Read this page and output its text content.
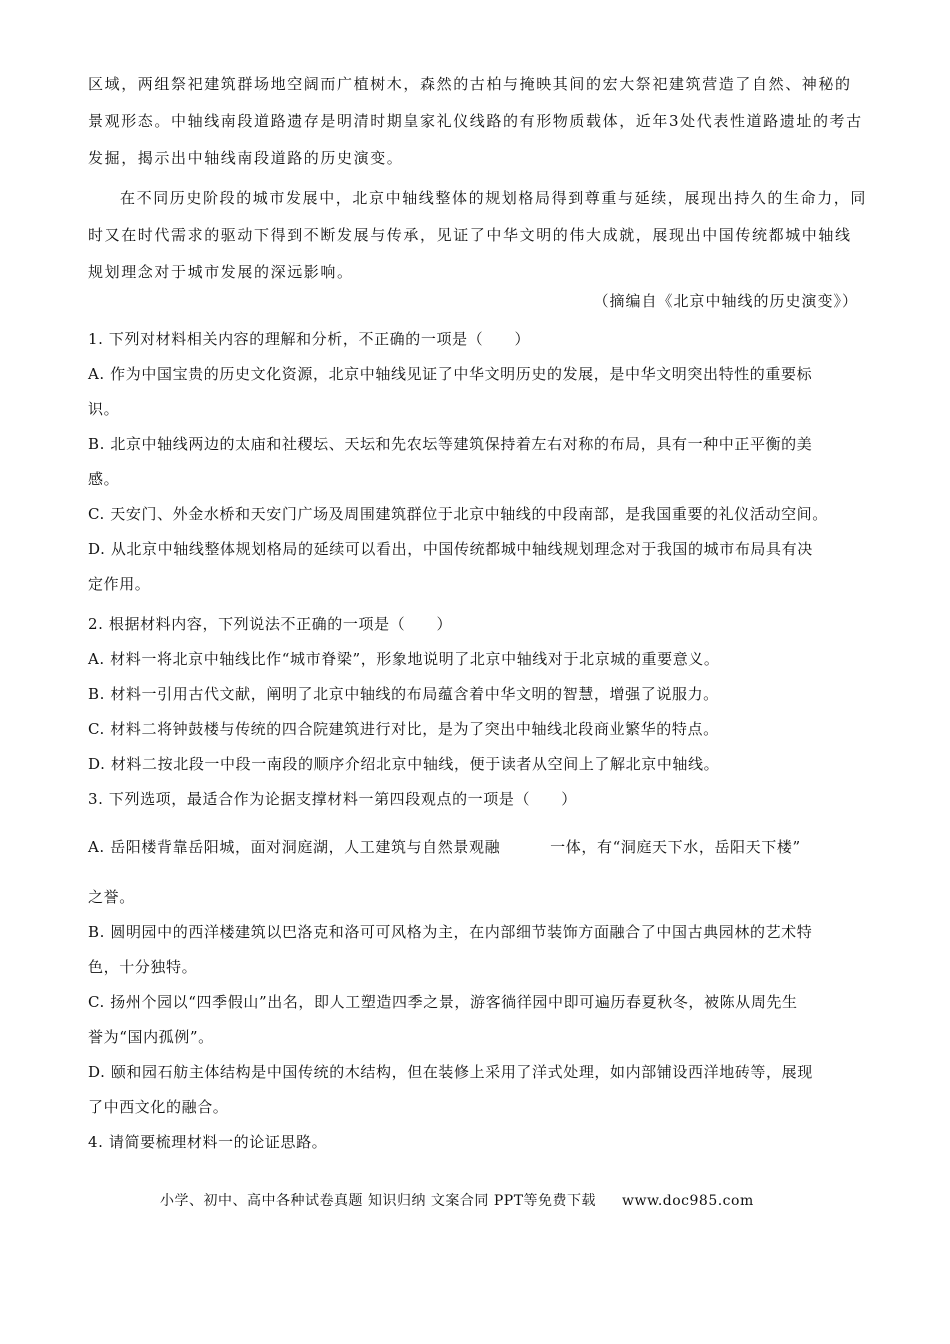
区域，两组祭祀建筑群场地空阔而广植树木，森然的古柏与掩映其间的宏大祭祀建筑营造了自然、神秘的景观形态。中轴线南段道路遗存是明清时期皇家礼仪线路的有形物质载体，近年3处代表性道路遗址的考古发掘，揭示出中轴线南段道路的历史演变。
在不同历史阶段的城市发展中，北京中轴线整体的规划格局得到尊重与延续，展现出持久的生命力，同时又在时代需求的驱动下得到不断发展与传承，见证了中华文明的伟大成就，展现出中国传统都城中轴线规划理念对于城市发展的深远影响。
（摘编自《北京中轴线的历史演变》）
1. 下列对材料相关内容的理解和分析，不正确的一项是（　　）
A. 作为中国宝贵的历史文化资源，北京中轴线见证了中华文明历史的发展，是中华文明突出特性的重要标
识。
B. 北京中轴线两边的太庙和社稷坛、天坛和先农坛等建筑保持着左右对称的布局，具有一种中正平衡的美
感。
C. 天安门、外金水桥和天安门广场及周围建筑群位于北京中轴线的中段南部，是我国重要的礼仪活动空间。
D. 从北京中轴线整体规划格局的延续可以看出，中国传统都城中轴线规划理念对于我国的城市布局具有决
定作用。
2. 根据材料内容，下列说法不正确的一项是（　　）
A. 材料一将北京中轴线比作“城市脊梁”，形象地说明了北京中轴线对于北京城的重要意义。
B. 材料一引用古代文献，阐明了北京中轴线的布局蕴含着中华文明的智慧，增强了说服力。
C. 材料二将钟鼓楼与传统的四合院建筑进行对比，是为了突出中轴线北段商业繁华的特点。
D. 材料二按北段一中段一南段的顺序介绍北京中轴线，便于读者从空间上了解北京中轴线。
3. 下列选项，最适合作为论据支撑材料一第四段观点的一项是（　　）
A. 岳阳楼背靠岳阳城，面对洞庭湖，人工建筑与自然景观融	一体，有“洞庭天下水，岳阳天下楼”
之誉。
B. 圆明园中的西洋楼建筑以巴洛克和洛可可风格为主，在内部细节装饰方面融合了中国古典园林的艺术特
色，十分独特。
C. 扬州个园以“四季假山”出名，即人工塑造四季之景，游客徜徉园中即可遍历春夏秋冬，被陈从周先生
誉为“国内孤例”。
D. 颐和园石舫主体结构是中国传统的木结构，但在装修上采用了洋式处理，如内部铺设西洋地砖等，展现
了中西文化的融合。
4. 请简要梳理材料一的论证思路。
小学、初中、高中各种试卷真题 知识归纳 文案合同 PPT等免费下载 www.doc985.com
